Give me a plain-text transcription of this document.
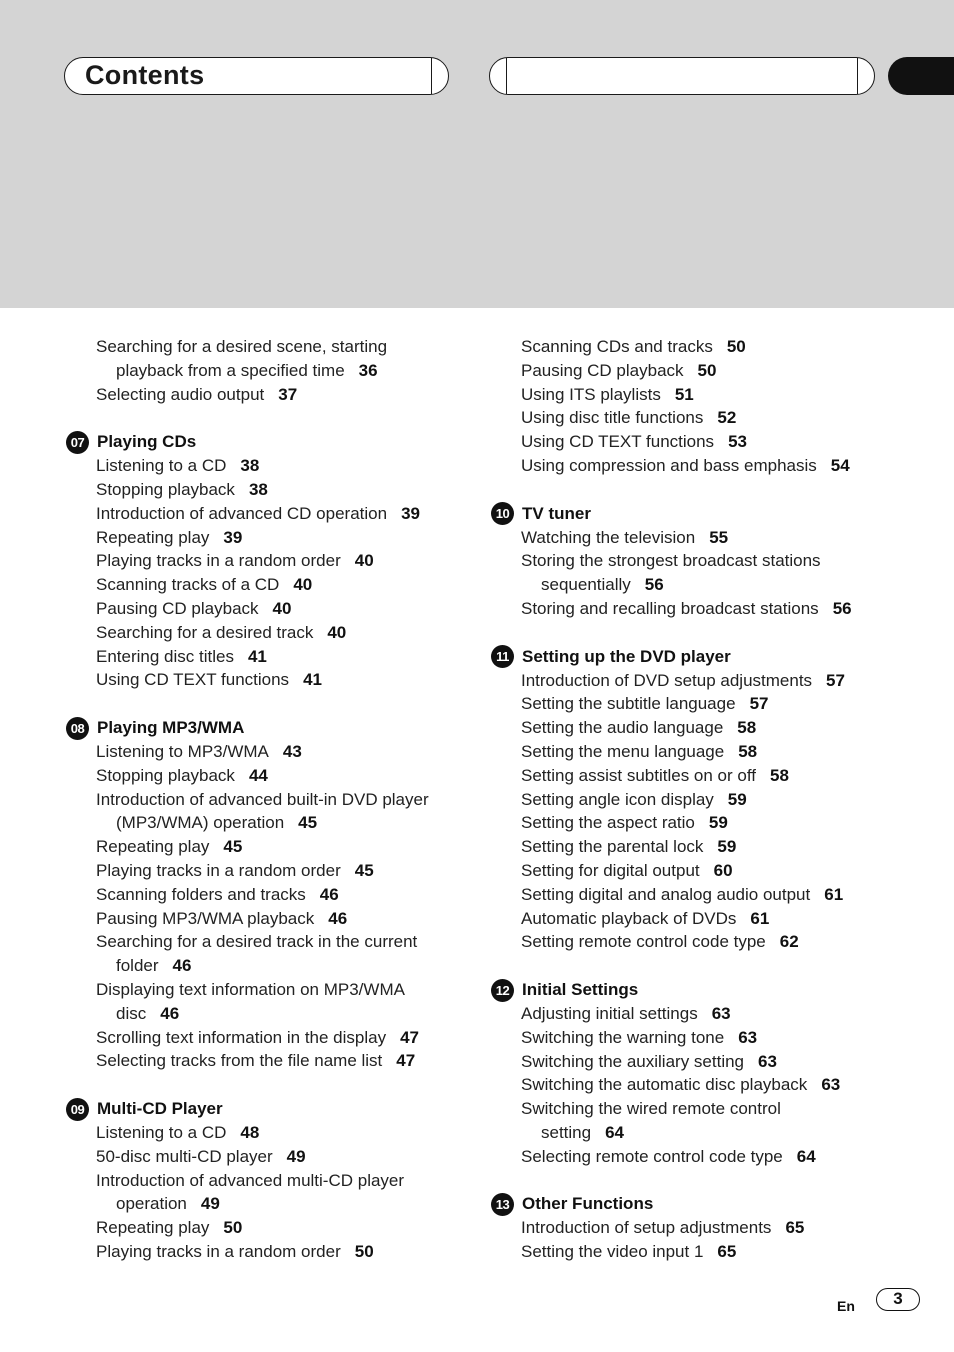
Contents
Searching for a desired scene, starting
playback from a specified time 36
Selecting audio output 37
07 Playing CDs
Listening to a CD 38
Stopping playback 38
Introduction of advanced CD operation 39
Repeating play 39
Playing tracks in a random order 40
Scanning tracks of a CD 40
Pausing CD playback 40
Searching for a desired track 40
Entering disc titles 41
Using CD TEXT functions 41
08 Playing MP3/WMA
Listening to MP3/WMA 43
Stopping playback 44
Introduction of advanced built-in DVD player
(MP3/WMA) operation 45
Repeating play 45
Playing tracks in a random order 45
Scanning folders and tracks 46
Pausing MP3/WMA playback 46
Searching for a desired track in the current
folder 46
Displaying text information on MP3/WMA
disc 46
Scrolling text information in the display 47
Selecting tracks from the file name list 47
09 Multi-CD Player
Listening to a CD 48
50-disc multi-CD player 49
Introduction of advanced multi-CD player
operation 49
Repeating play 50
Playing tracks in a random order 50
Scanning CDs and tracks 50
Pausing CD playback 50
Using ITS playlists 51
Using disc title functions 52
Using CD TEXT functions 53
Using compression and bass emphasis 54
10 TV tuner
Watching the television 55
Storing the strongest broadcast stations
sequentially 56
Storing and recalling broadcast stations 56
11 Setting up the DVD player
Introduction of DVD setup adjustments 57
Setting the subtitle language 57
Setting the audio language 58
Setting the menu language 58
Setting assist subtitles on or off 58
Setting angle icon display 59
Setting the aspect ratio 59
Setting the parental lock 59
Setting for digital output 60
Setting digital and analog audio output 61
Automatic playback of DVDs 61
Setting remote control code type 62
12 Initial Settings
Adjusting initial settings 63
Switching the warning tone 63
Switching the auxiliary setting 63
Switching the automatic disc playback 63
Switching the wired remote control
setting 64
Selecting remote control code type 64
13 Other Functions
Introduction of setup adjustments 65
Setting the video input 1 65
En	3
